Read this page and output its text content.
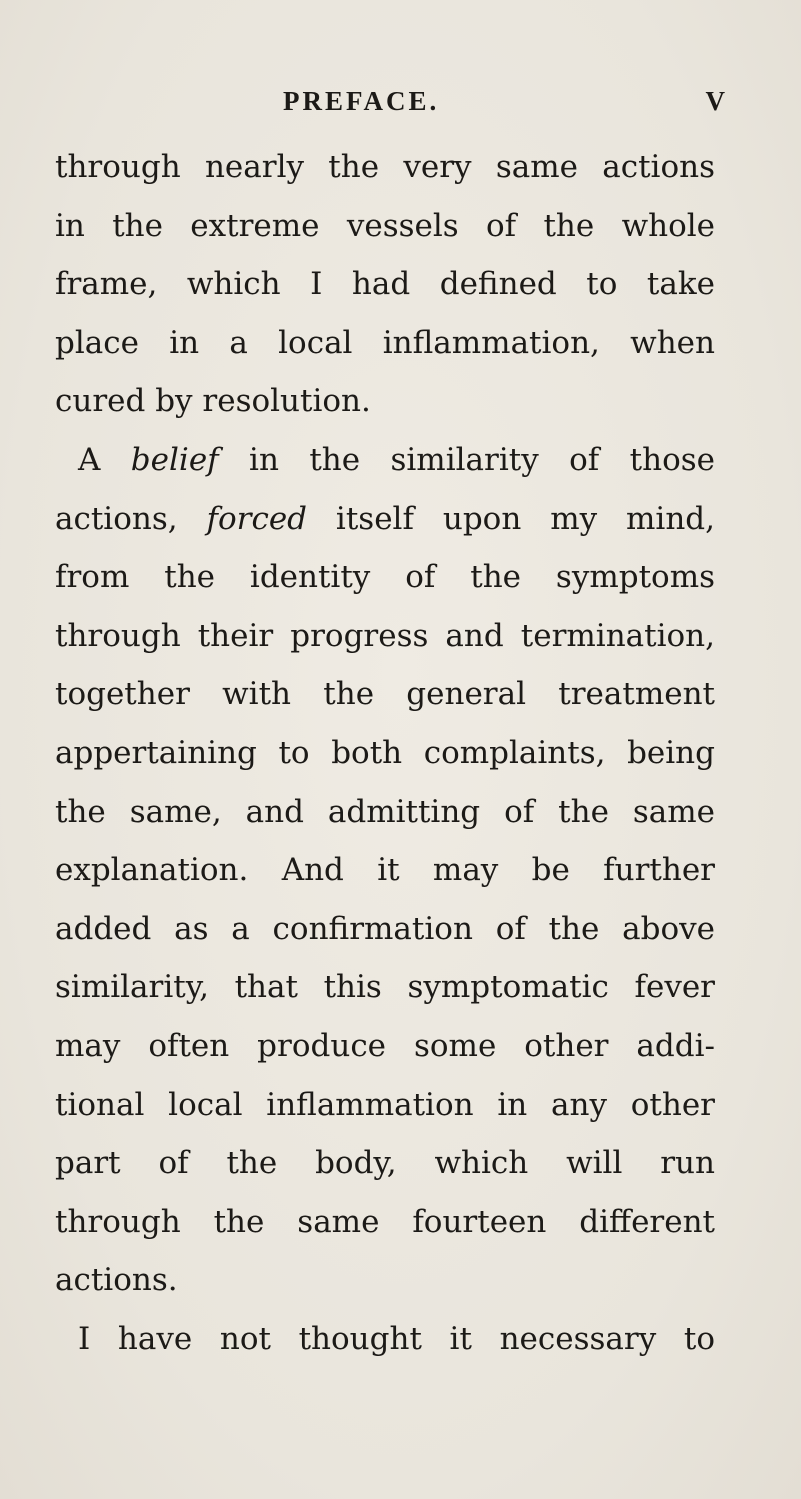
PREFACE.	V
through nearly the very same actions
in the extreme vessels of the whole
frame, which I had defined to take
place in a local inflammation, when
cured by resolution.
A belief in the similarity of those
actions, forced itself upon my mind,
from the identity of the symptoms
through their progress and termination,
together with the general treatment
appertaining to both complaints, being
the same, and admitting of the same
explanation. And it may be further
added as a confirmation of the above
similarity, that this symptomatic fever
may often produce some other addi-
tional local inflammation in any other
part of the body, which will run
through the same fourteen different
actions.
I have not thought it necessary to
